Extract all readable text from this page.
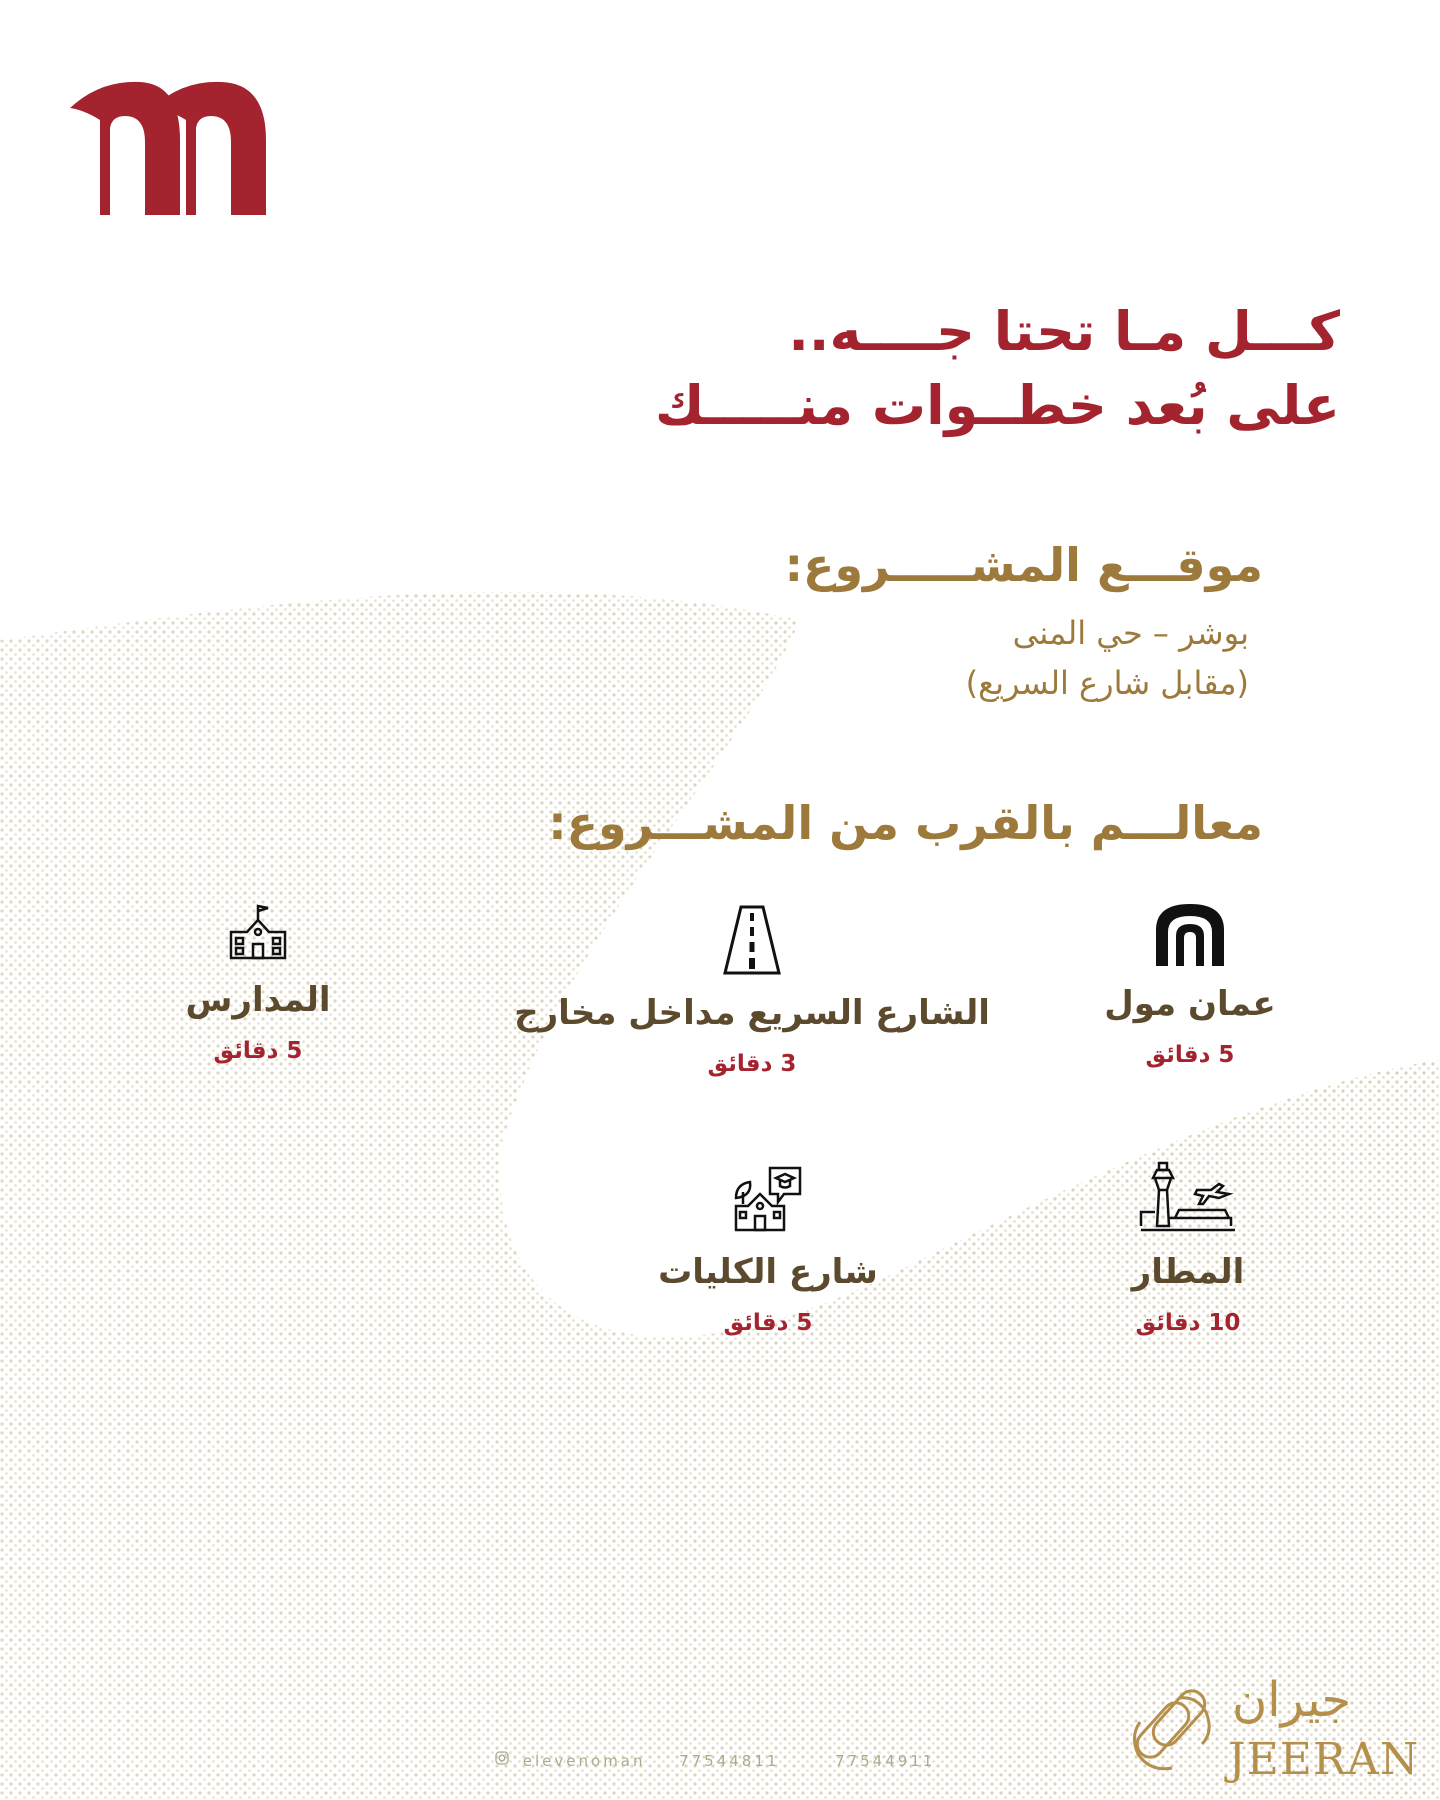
كـــل مـا تحتا جــــه..
على بُعد خطــوات منـــــك
موقـــع المشـــــروع:
بوشر – حي المنى
(مقابل شارع السريع)
معالـــم بالقرب من المشـــروع:
عمان مول
5 دقائق
الشارع السريع مداخل مخارج
3 دقائق
المدارس
5 دقائق
المطار
10 دقائق
شارع الكليات
5 دقائق
جيران
JEERAN
elevenoman 77544811	77544911
